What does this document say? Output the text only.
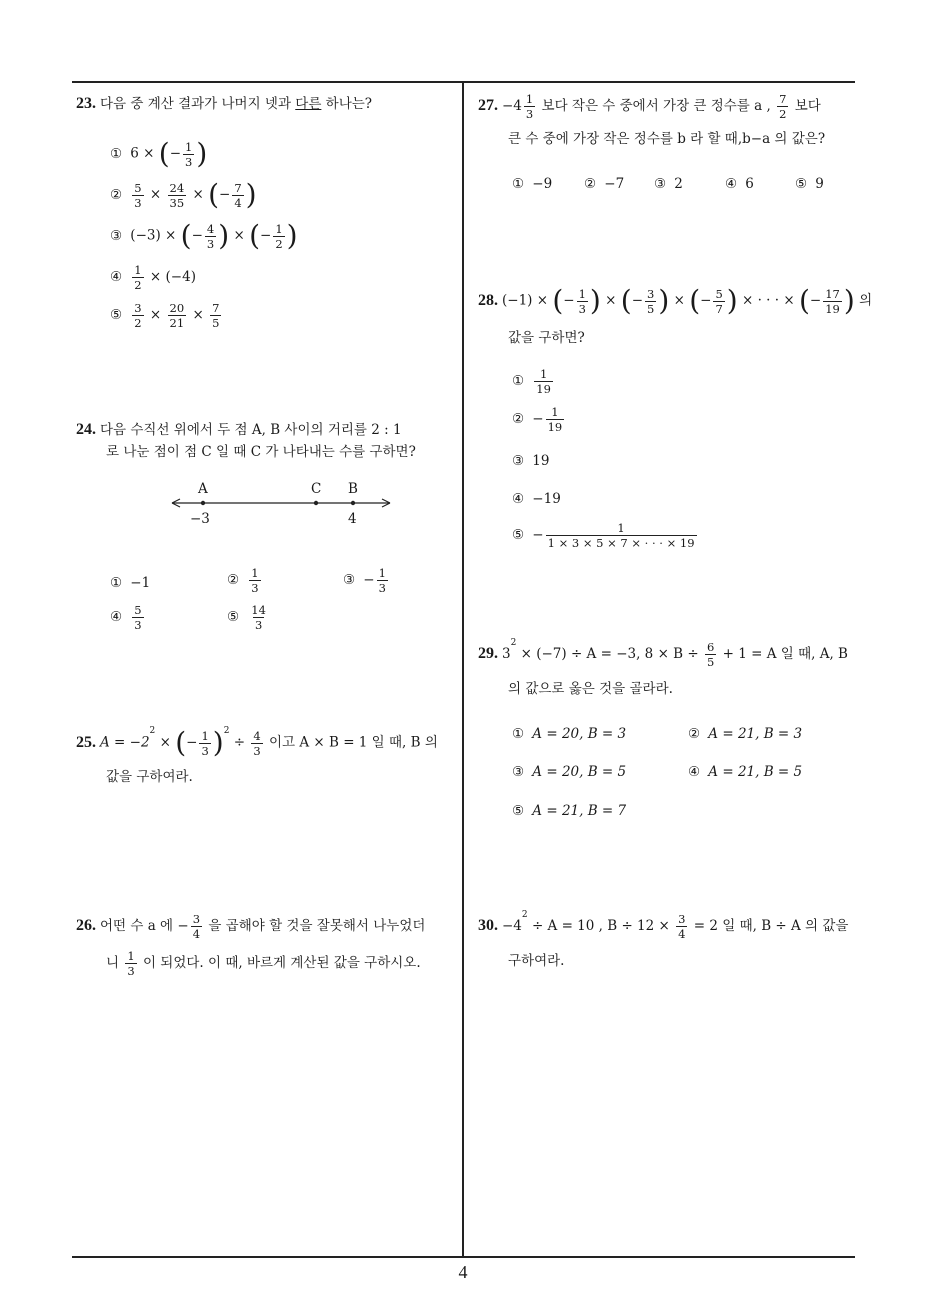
23. 다음 중 계산 결과가 나머지 넷과 다른 하나는?
① 6 × (− $\frac{1}{3}$ )
② $\frac{5}{3} \times \frac{24}{35}$ × (− $\frac{7}{4}$ )
③ (−3) × (− $\frac{4}{3}$ ) × (− $\frac{1}{2}$ )
④ $\frac{1}{2} \times (-4)$
⑤ $\frac{3}{2} \times \frac{20}{21} \times \frac{7}{5}$
24. 다음 수직선 위에서 두 점 A, B 사이의 거리를 2 : 1
로 나눈 점이 점 C 일 때 C 가 나타내는 수를 구하면?
A	C B
−3	4
① −1	② $\frac{1}{3}$	③ − $\frac{1}{3}$
④ $\frac{5}{3}$	⑤ $\frac{14}{3}$
25. $A = -2^2$ × (− $\frac{1}{3} )^2 \div \frac{4}{3}$ 이고 A × B = 1 일 때, B 의
값을 구하여라.
26. 어떤 수 a 에 − $\frac{3}{4}$ 을 곱해야 할 것을 잘못해서 나누었더
니 $\frac{1}{3}$ 이 되었다. 이 때, 바르게 계산된 값을 구하시오.
27. $-4 \frac{1}{3}$ 보다 작은 수 중에서 가장 큰 정수를 a , $\frac{7}{2}$ 보다
큰 수 중에 가장 작은 정수를 b 라 할 때,b−a 의 값은?
① −9 ② −7 ③ 2	④ 6	⑤ 9
28. (−1) × (− $\frac{1}{3}$ ) × (− $\frac{3}{5}$ ) × (− $\frac{5}{7}$ ) × · · · × (− $\frac{17}{19}$ ) 의
값을 구하면?
① $\frac{1}{19}$
② − $\frac{1}{19}$
③ 19
④ −19
⑤ − $\frac{1}{1 \times 3 \times 5 \times 7 \times \cdot \cdot \cdot \times 19}$
29. $3^2 \times (-7) \div A = -3$, $8 \times B \div \frac{6}{5} + 1 = A$ 일 때, A, B
의 값으로 옳은 것을 골라라.
① A = 20, B = 3	② A = 21, B = 3
③ A = 20, B = 5	④ A = 21, B = 5
⑤ A = 21, B = 7
30. $-4^2 \div A = 10$ , $B \div 12 \times \frac{3}{4} = 2$ 일 때, B ÷ A 의 값을
구하여라.
4
